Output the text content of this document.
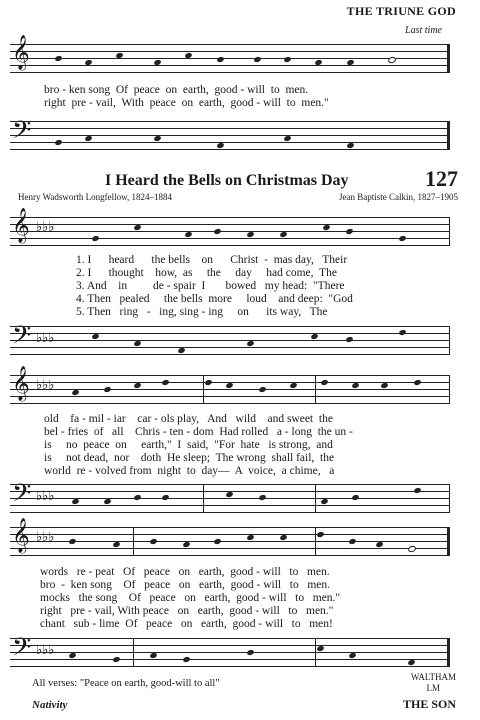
THE TRIUNE GOD
Last time
𝄞
bro - ken song  Of  peace  on  earth,  good - will  to  men.
right  pre - vail,  With  peace  on  earth,  good - will  to  men."
𝄢
I Heard the Bells on Christmas Day	127
Henry Wadsworth Longfellow, 1824–1884	Jean Baptiste Calkin, 1827–1905
𝄞 ♭♭♭
1. I      heard      the bells    on      Christ  -  mas day,   Their
2. I      thought    how,  as     the     day     had come,  The
3. And    in         de - spair  I       bowed   my head:  "There
4. Then   pealed     the bells  more     loud    and deep:  "God
5. Then   ring   -   ing, sing - ing     on      its way,   The
𝄢 ♭♭♭
𝄞 ♭♭♭
old    fa - mil - iar    car - ols play,   And   wild    and sweet  the
bel - fries  of   all    Chris - ten - dom  Had rolled   a - long  the un -
is     no  peace  on     earth,"  I  said,  "For  hate   is strong,  and
is     not dead,  nor    doth  He sleep;  The wrong  shall fail,  the
world  re - volved from  night  to  day—  A  voice,  a chime,   a
𝄢 ♭♭♭
𝄞 ♭♭♭
words   re - peat   Of   peace   on   earth,  good - will   to   men.
bro  -  ken song    Of   peace   on   earth,  good - will   to   men.
mocks   the song    Of   peace   on   earth,  good - will   to   men."
right   pre - vail, With peace   on   earth,  good - will   to   men."
chant   sub - lime  Of   peace   on   earth,  good - will   to   men!
𝄢 ♭♭♭
All verses: "Peace on earth, good-will to all"
WALTHAM
LM
Nativity	THE SON
